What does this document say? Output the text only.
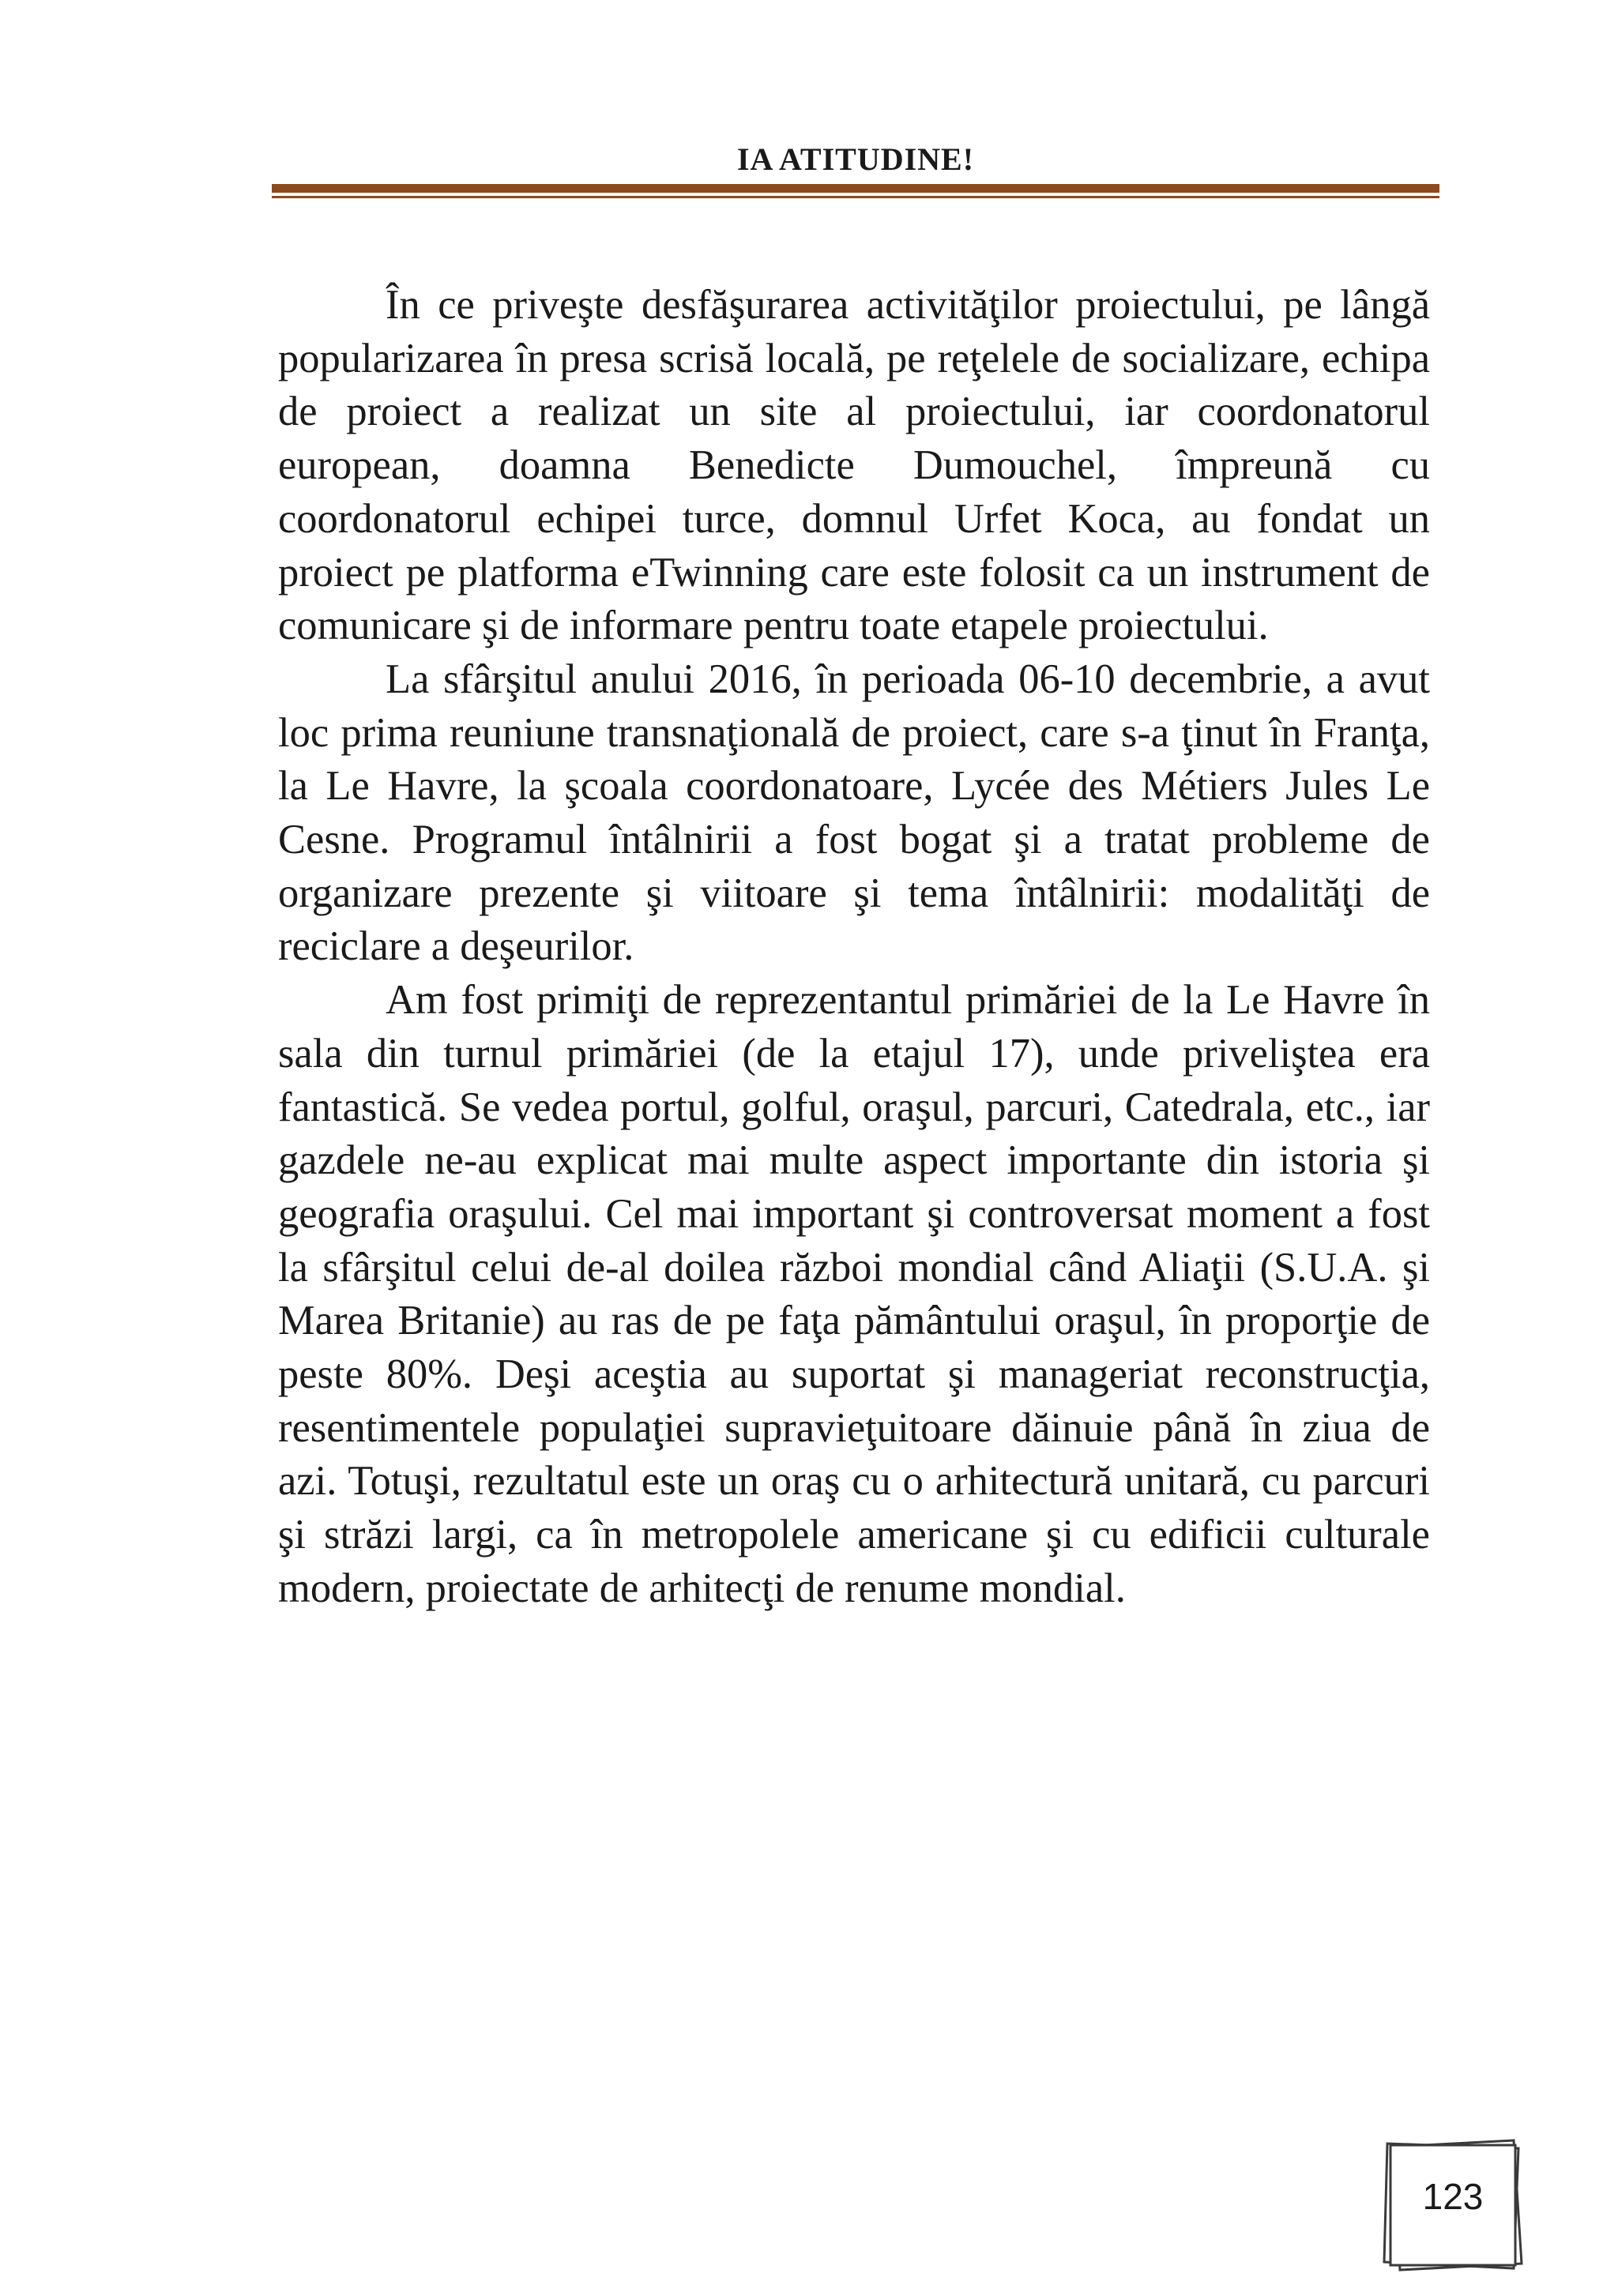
IA ATITUDINE!

În ce priveşte desfăşurarea activităţilor proiectului, pe lângă popularizarea în presa scrisă locală, pe reţelele de socializare, echipa de proiect a realizat un site al proiectului, iar coordonatorul european, doamna Benedicte Dumouchel, împreună cu coordonatorul echipei turce, domnul Urfet Koca, au fondat un proiect pe platforma eTwinning care este folosit ca un instrument de comunicare şi de informare pentru toate etapele proiectului.

La sfârşitul anului 2016, în perioada 06-10 decembrie, a avut loc prima reuniune transnaţională de proiect, care s-a ţinut în Franţa, la Le Havre, la şcoala coordonatoare, Lycée des Métiers Jules Le Cesne. Programul întâlnirii a fost bogat şi a tratat probleme de organizare prezente şi viitoare şi tema întâlnirii: modalităţi de reciclare a deşeurilor.

Am fost primiţi de reprezentantul primăriei de la Le Havre în sala din turnul primăriei (de la etajul 17), unde priveliştea era fantastică. Se vedea portul, golful, oraşul, parcuri, Catedrala, etc., iar gazdele ne-au explicat mai multe aspect importante din istoria şi geografia oraşului. Cel mai important şi controversat moment a fost la sfârşitul celui de-al doilea război mondial când Aliaţii (S.U.A. şi Marea Britanie) au ras de pe faţa pământului oraşul, în proporţie de peste 80%. Deşi aceştia au suportat şi manageriat reconstrucţia, resentimentele populaţiei supravieţuitoare dăinuie până în ziua de azi. Totuşi, rezultatul este un oraş cu o arhitectură unitară, cu parcuri şi străzi largi, ca în metropolele americane şi cu edificii culturale modern, proiectate de arhitecţi de renume mondial.

123
